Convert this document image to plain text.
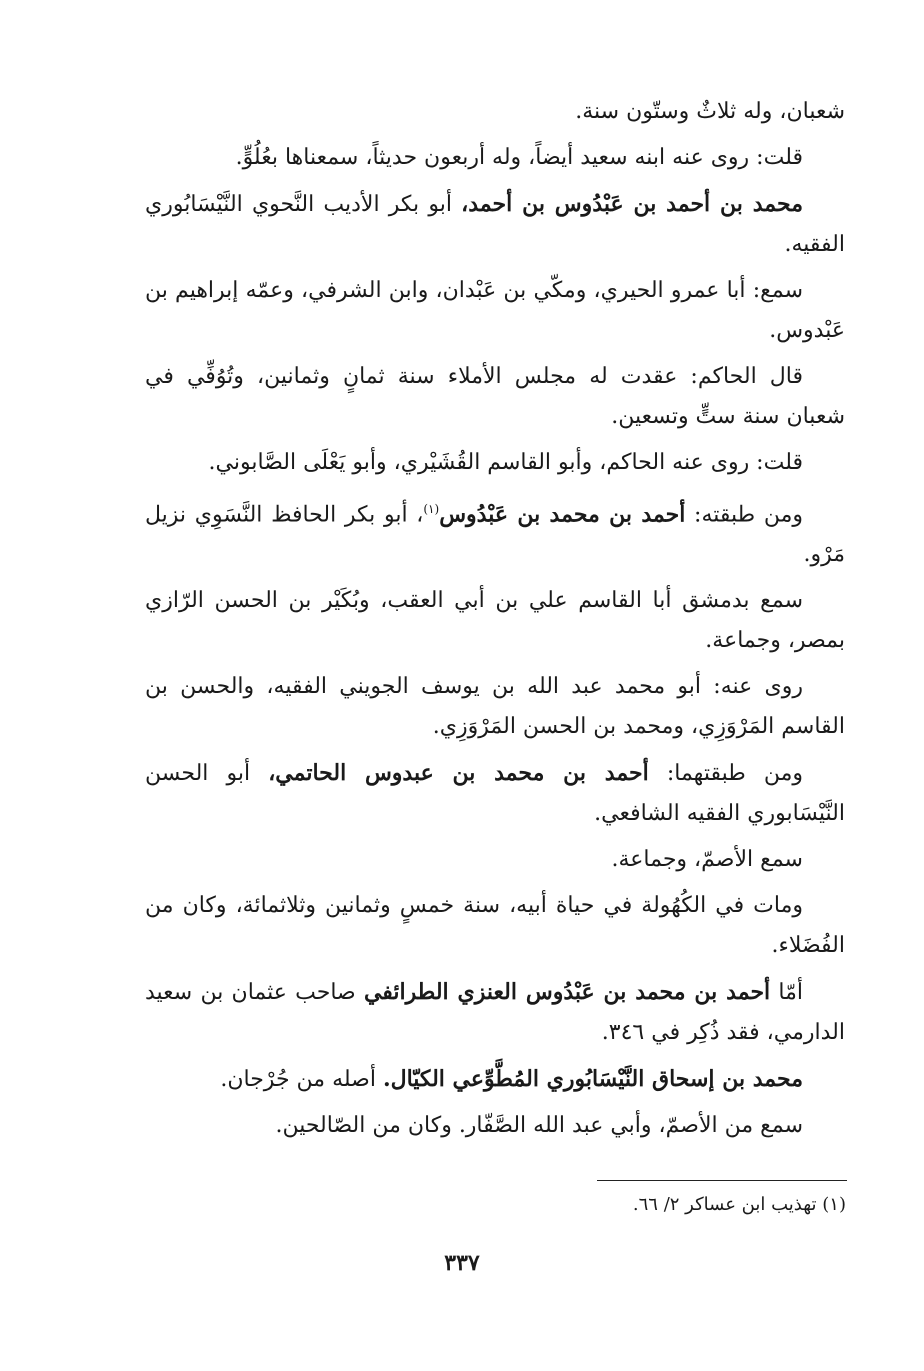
شعبان، وله ثلاثٌ وستّون سنة.

قلت: روى عنه ابنه سعيد أيضاً، وله أربعون حديثاً، سمعناها بعُلُوٍّ.

محمد بن أحمد بن عَبْدُوس بن أحمد، أبو بكر الأديب النَّحوي النَّيْسَابُوري الفقيه.

سمع: أبا عمرو الحيري، ومكّي بن عَبْدان، وابن الشرفي، وعمّه إبراهيم بن عَبْدوس.

قال الحاكم: عقدت له مجلس الأملاء سنة ثمانٍ وثمانين، وتُوُفِّي في شعبان سنة ستٍّ وتسعين.

قلت: روى عنه الحاكم، وأبو القاسم القُشَيْري، وأبو يَعْلَى الصَّابوني.

ومن طبقته: أحمد بن محمد بن عَبْدُوس$^{(١)}$، أبو بكر الحافظ النَّسَوِي نزيل مَرْو.

سمع بدمشق أبا القاسم علي بن أبي العقب، وبُكَيْر بن الحسن الرّازي بمصر، وجماعة.

روى عنه: أبو محمد عبد الله بن يوسف الجويني الفقيه، والحسن بن القاسم المَرْوَزِي، ومحمد بن الحسن المَرْوَزِي.

ومن طبقتهما: أحمد بن محمد بن عبدوس الحاتمي، أبو الحسن النَّيْسَابوري الفقيه الشافعي.

سمع الأصمّ، وجماعة.

ومات في الكُهُولة في حياة أبيه، سنة خمسٍ وثمانين وثلاثمائة، وكان من الفُضَلاء.

أمّا أحمد بن محمد بن عَبْدُوس العنزي الطرائفي صاحب عثمان بن سعيد الدارمي، فقد ذُكِر في ٣٤٦.

محمد بن إسحاق النَّيْسَابُوري المُطَّوِّعي الكيّال. أصله من جُرْجان.

سمع من الأصمّ، وأبي عبد الله الصَّفّار. وكان من الصّالحين.

(١) تهذيب ابن عساكر ٢/ ٦٦.
٣٣٧
